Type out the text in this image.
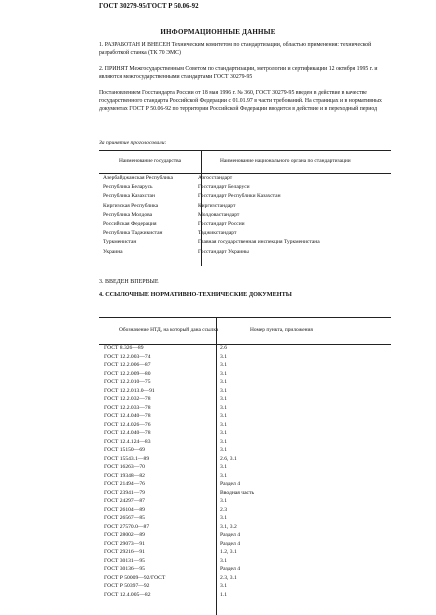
ГОСТ 30279-95/ГОСТ Р 50.06-92
ИНФОРМАЦИОННЫЕ ДАННЫЕ
1. РАЗРАБОТАН И ВНЕСЕН Техническим комитетом по стандартизации, областью применения: технической разработкой станка (ТК 70 ЭМС)
2. ПРИНЯТ Межгосударственным Советом по стандартизации, метрологии и сертификации 12 октября 1995 г. и являются межгосударственными стандартами ГОСТ 30279-95
Постановлением Госстандарта России от 18 мая 1996 г. № 360, ГОСТ 30279-95 введен в действие в качестве государственного стандарта Российской Федерации с 01.01.97 в части требований. На страницах и в нормативных документах ГОСТ Р 50.06-92 по территории Российской Федерации вводится в действие и в переходный период
За принятие проголосовали:
Наименование государства	Наименование национального органа по стандартизации
Азербайджанская Республика	Азгосстандарт
Республика Беларусь	Госстандарт Беларуси
Республика Казахстан	Госстандарт Республики Казахстан
Киргизская Республика	Киргизстандарт
Республика Молдова	Молдовастандарт
Российская Федерация	Госстандарт России
Республика Таджикистан	Таджикстандарт
Туркменистан	Главная государственная инспекция Туркменистана
Украина	Госстандарт Украины
3. ВВЕДЕН ВПЕРВЫЕ
4. ССЫЛОЧНЫЕ НОРМАТИВНО-ТЕХНИЧЕСКИЕ ДОКУМЕНТЫ
Обозначение НТД, на который дана ссылка	Номер пункта, приложения
ГОСТ 8.326—89	2.6
ГОСТ 12.2.003—74	3.1
ГОСТ 12.2.006—87	3.1
ГОСТ 12.2.009—80	3.1
ГОСТ 12.2.010—75	3.1
ГОСТ 12.2.013.0—91	3.1
ГОСТ 12.2.032—78	3.1
ГОСТ 12.2.033—78	3.1
ГОСТ 12.4.040—78	3.1
ГОСТ 12.4.026—76	3.1
ГОСТ 12.4.040—78	3.1
ГОСТ 12.4.124—83	3.1
ГОСТ 15150—69	3.1
ГОСТ 15543.1—89	2.6, 3.1
ГОСТ 16263—70	3.1
ГОСТ 19348—82	3.1
ГОСТ 21494—76	Раздел 4
ГОСТ 23941—79	Вводная часть
ГОСТ 24297—87	3.1
ГОСТ 26104—89	2.3
ГОСТ 26567—85	3.1
ГОСТ 27570.0—87	3.1, 3.2
ГОСТ 28002—89	Раздел 4
ГОСТ 29073—91	Раздел 4
ГОСТ 29216—91	1.2, 3.1
ГОСТ 30131—95	3.1
ГОСТ 30136—95	Раздел 4
ГОСТ Р 50009—92/ГОСТ	2.3, 3.1
ГОСТ Р 50397—92	3.1
ГОСТ 12.4.005—82	1.1
